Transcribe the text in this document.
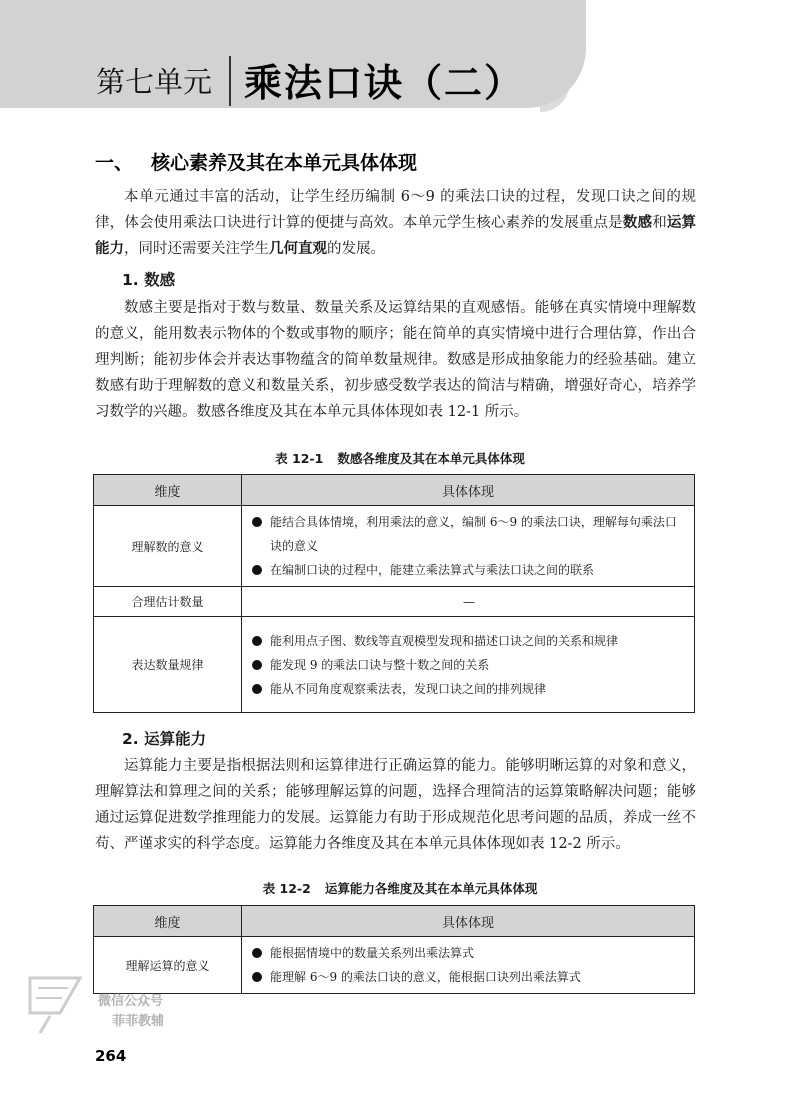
第七单元 乘法口诀（二）
一、 核心素养及其在本单元具体体现
本单元通过丰富的活动，让学生经历编制 6～9 的乘法口诀的过程，发现口诀之间的规律，体会使用乘法口诀进行计算的便捷与高效。本单元学生核心素养的发展重点是数感和运算能力，同时还需要关注学生几何直观的发展。
1. 数感
数感主要是指对于数与数量、数量关系及运算结果的直观感悟。能够在真实情境中理解数的意义，能用数表示物体的个数或事物的顺序；能在简单的真实情境中进行合理估算，作出合理判断；能初步体会并表达事物蕴含的简单数量规律。数感是形成抽象能力的经验基础。建立数感有助于理解数的意义和数量关系，初步感受数学表达的简洁与精确，增强好奇心，培养学习数学的兴趣。数感各维度及其在本单元具体体现如表 12-1 所示。
表 12-1 数感各维度及其在本单元具体体现
维度	具体体现
理解数的意义	能结合具体情境，利用乘法的意义，编制 6～9 的乘法口诀，理解每句乘法口诀的意义
在编制口诀的过程中，能建立乘法算式与乘法口诀之间的联系

合理估计数量	—
表达数量规律	能利用点子图、数线等直观模型发现和描述口诀之间的关系和规律
能发现 9 的乘法口诀与整十数之间的关系
能从不同角度观察乘法表，发现口诀之间的排列规律
2. 运算能力
运算能力主要是指根据法则和运算律进行正确运算的能力。能够明晰运算的对象和意义，理解算法和算理之间的关系；能够理解运算的问题，选择合理简洁的运算策略解决问题；能够通过运算促进数学推理能力的发展。运算能力有助于形成规范化思考问题的品质，养成一丝不苟、严谨求实的科学态度。运算能力各维度及其在本单元具体体现如表 12-2 所示。
表 12-2 运算能力各维度及其在本单元具体体现
维度	具体体现
理解运算的意义	能根据情境中的数量关系列出乘法算式
能理解 6～9 的乘法口诀的意义，能根据口诀列出乘法算式
微信公众号
菲菲教辅
264
